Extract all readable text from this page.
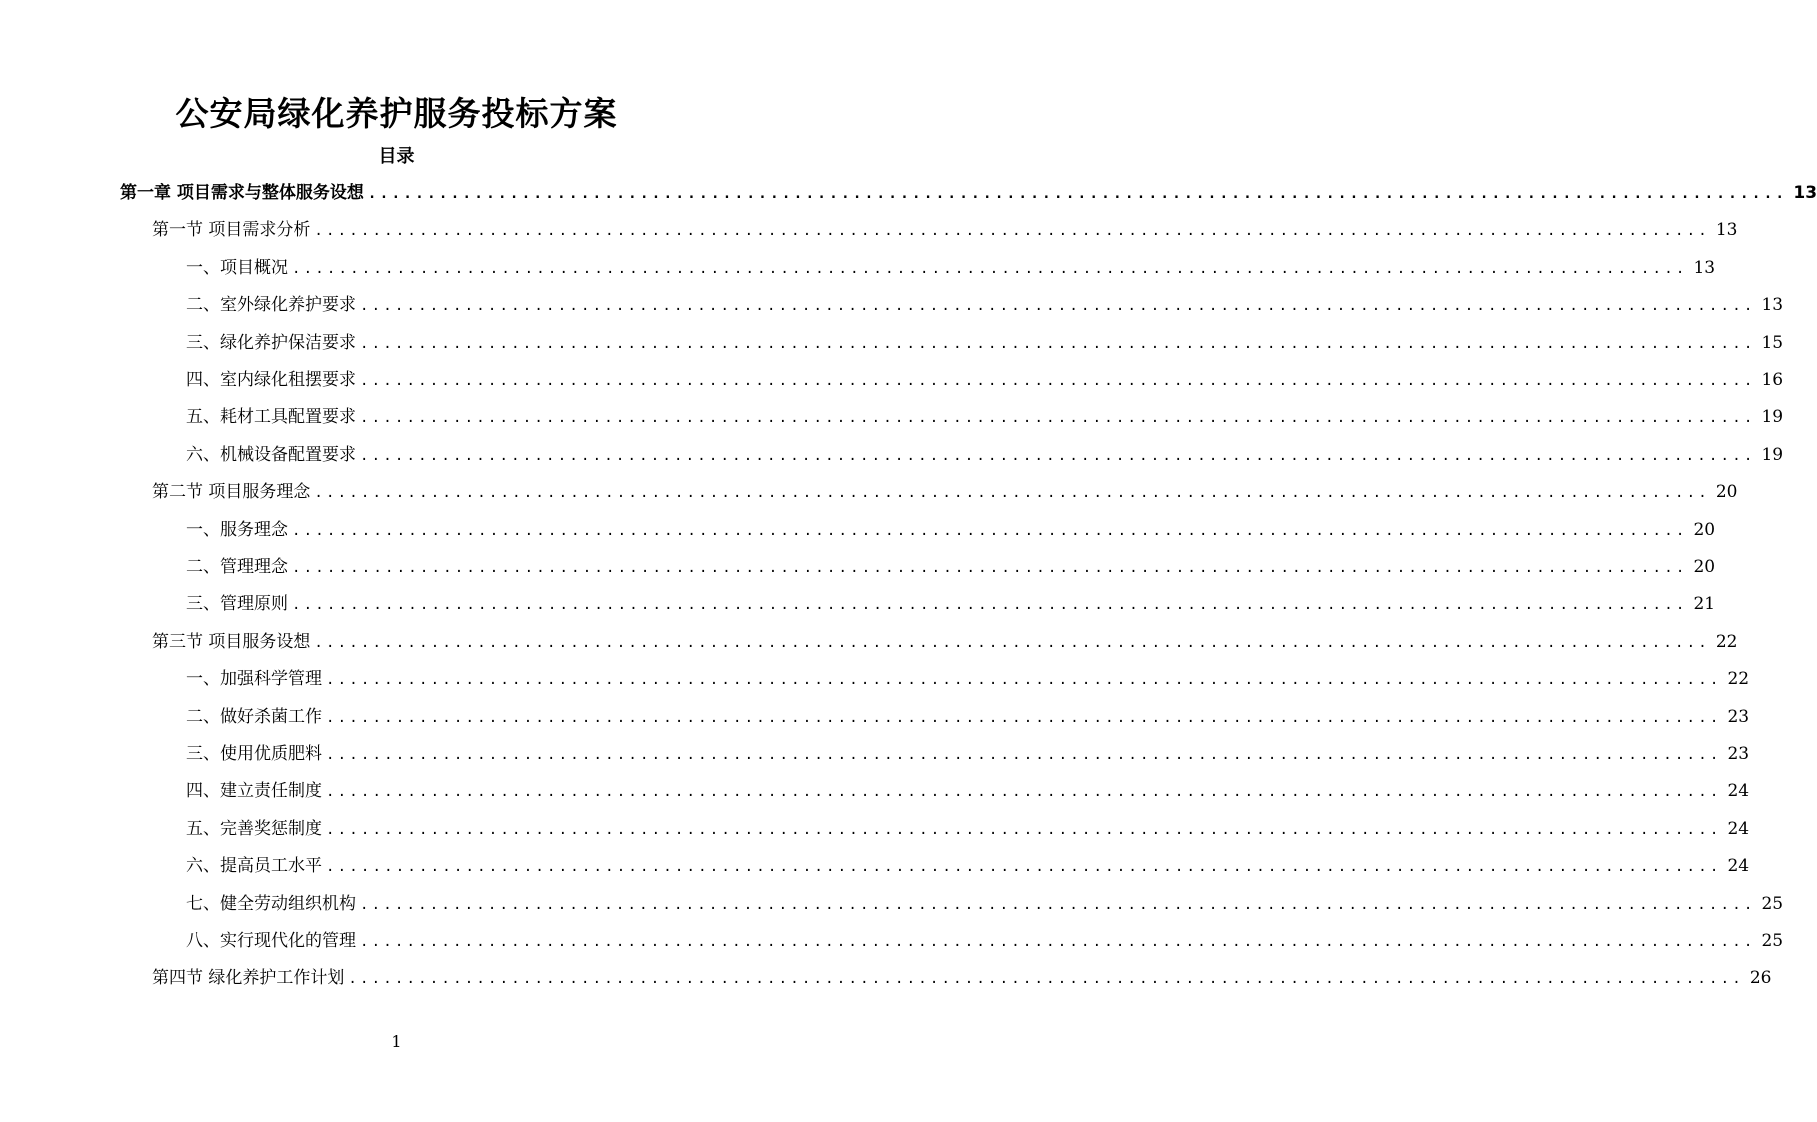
公安局绿化养护服务投标方案
目录
第一章 项目需求与整体服务设想 ........................................................................................................................ 13
第一节 项目需求分析 ........................................................................................................................ 13
一、项目概况 ........................................................................................................................ 13
二、室外绿化养护要求 ........................................................................................................................ 13
三、绿化养护保洁要求 ........................................................................................................................ 15
四、室内绿化租摆要求 ........................................................................................................................ 16
五、耗材工具配置要求 ........................................................................................................................ 19
六、机械设备配置要求 ........................................................................................................................ 19
第二节 项目服务理念 ........................................................................................................................ 20
一、服务理念 ........................................................................................................................ 20
二、管理理念 ........................................................................................................................ 20
三、管理原则 ........................................................................................................................ 21
第三节 项目服务设想 ........................................................................................................................ 22
一、加强科学管理 ........................................................................................................................ 22
二、做好杀菌工作 ........................................................................................................................ 23
三、使用优质肥料 ........................................................................................................................ 23
四、建立责任制度 ........................................................................................................................ 24
五、完善奖惩制度 ........................................................................................................................ 24
六、提高员工水平 ........................................................................................................................ 24
七、健全劳动组织机构 ........................................................................................................................ 25
八、实行现代化的管理 ........................................................................................................................ 25
第四节 绿化养护工作计划 ........................................................................................................................ 26
1
